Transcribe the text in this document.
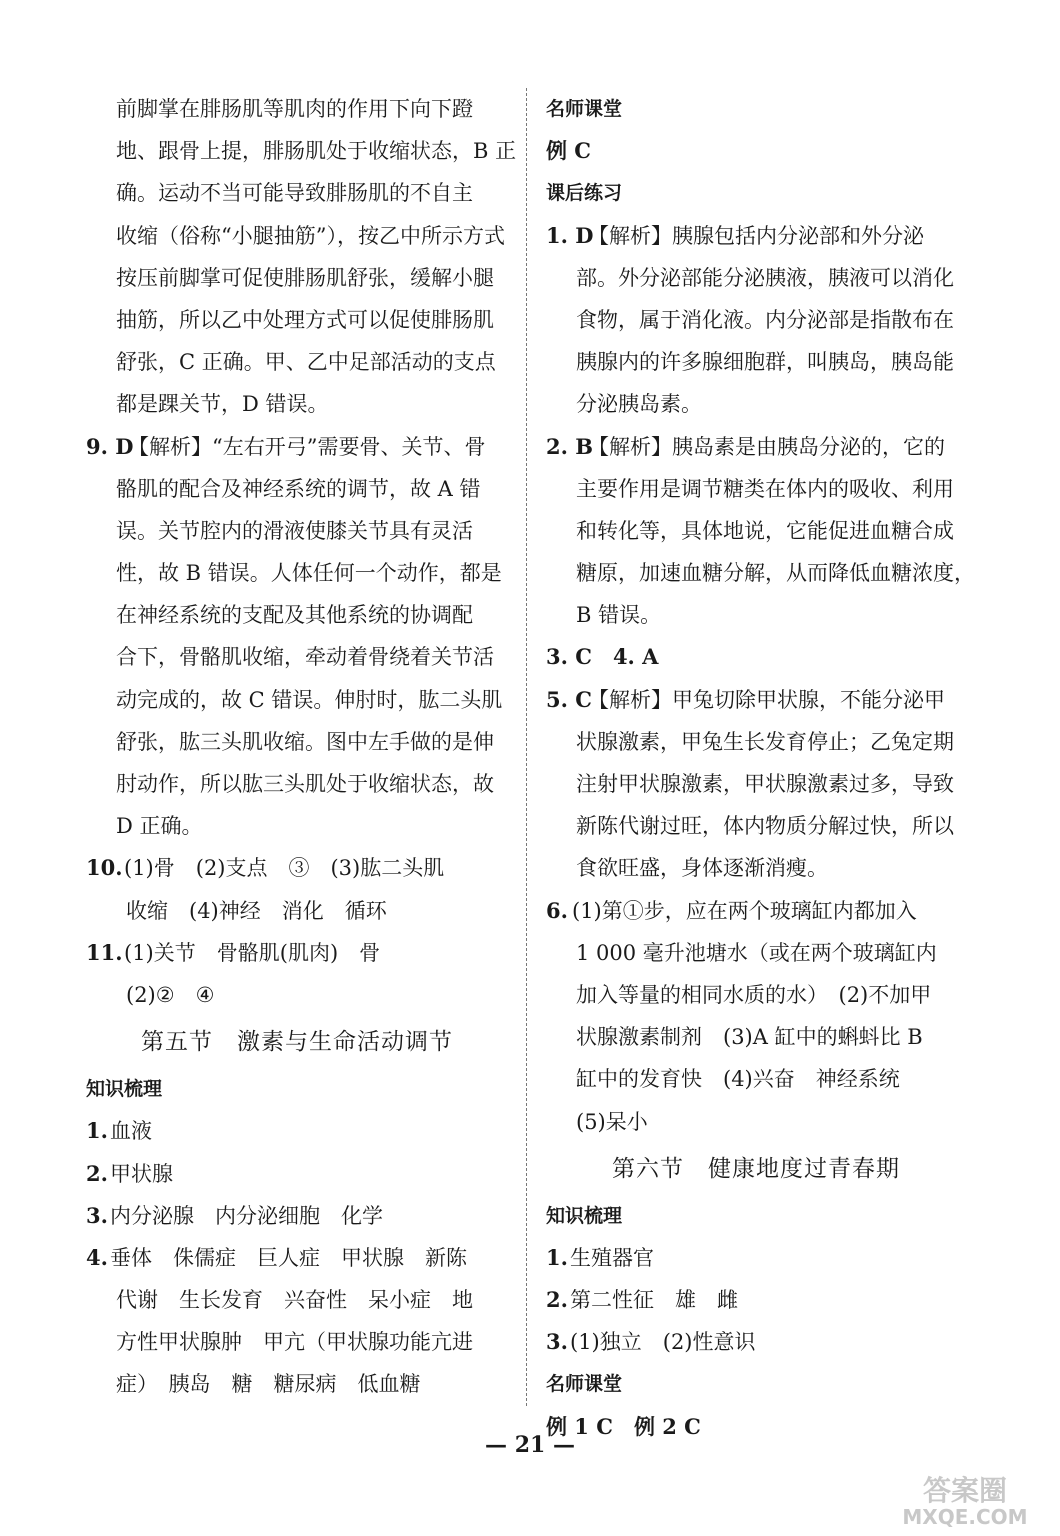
前脚掌在腓肠肌等肌肉的作用下向下蹬
地、跟骨上提，腓肠肌处于收缩状态，B 正
确。运动不当可能导致腓肠肌的不自主
收缩（俗称“小腿抽筋”），按乙中所示方式
按压前脚掌可促使腓肠肌舒张，缓解小腿
抽筋，所以乙中处理方式可以促使腓肠肌
舒张，C 正确。甲、乙中足部活动的支点
都是踝关节，D 错误。
9. D【解析】“左右开弓”需要骨、关节、骨
骼肌的配合及神经系统的调节，故 A 错
误。关节腔内的滑液使膝关节具有灵活
性，故 B 错误。人体任何一个动作，都是
在神经系统的支配及其他系统的协调配
合下，骨骼肌收缩，牵动着骨绕着关节活
动完成的，故 C 错误。伸肘时，肱二头肌
舒张，肱三头肌收缩。图中左手做的是伸
肘动作，所以肱三头肌处于收缩状态，故
D 正确。
10.(1)骨　(2)支点　③　(3)肱二头肌
收缩　(4)神经　消化　循环
11.(1)关节　骨骼肌(肌肉)　骨
(2)②　④
第五节　激素与生命活动调节
知识梳理
1.血液
2.甲状腺
3.内分泌腺　内分泌细胞　化学
4.垂体　侏儒症　巨人症　甲状腺　新陈
代谢　生长发育　兴奋性　呆小症　地
方性甲状腺肿　甲亢（甲状腺功能亢进
症）　胰岛　糖　糖尿病　低血糖
名师课堂
例 C
课后练习
1. D【解析】胰腺包括内分泌部和外分泌
部。外分泌部能分泌胰液，胰液可以消化
食物，属于消化液。内分泌部是指散布在
胰腺内的许多腺细胞群，叫胰岛，胰岛能
分泌胰岛素。
2. B【解析】胰岛素是由胰岛分泌的，它的
主要作用是调节糖类在体内的吸收、利用
和转化等，具体地说，它能促进血糖合成
糖原，加速血糖分解，从而降低血糖浓度，
B 错误。
3. C　4. A
5. C【解析】甲兔切除甲状腺，不能分泌甲
状腺激素，甲兔生长发育停止；乙兔定期
注射甲状腺激素，甲状腺激素过多，导致
新陈代谢过旺，体内物质分解过快，所以
食欲旺盛，身体逐渐消瘦。
6. (1)第①步，应在两个玻璃缸内都加入
1 000 毫升池塘水（或在两个玻璃缸内
加入等量的相同水质的水）　(2)不加甲
状腺激素制剂　(3)A 缸中的蝌蚪比 B
缸中的发育快　(4)兴奋　神经系统
(5)呆小
第六节　健康地度过青春期
知识梳理
1.生殖器官
2.第二性征　雄　雌
3.(1)独立　(2)性意识
名师课堂
例 1 C　例 2 C
— 21 —
答案圈
MXQE.COM
